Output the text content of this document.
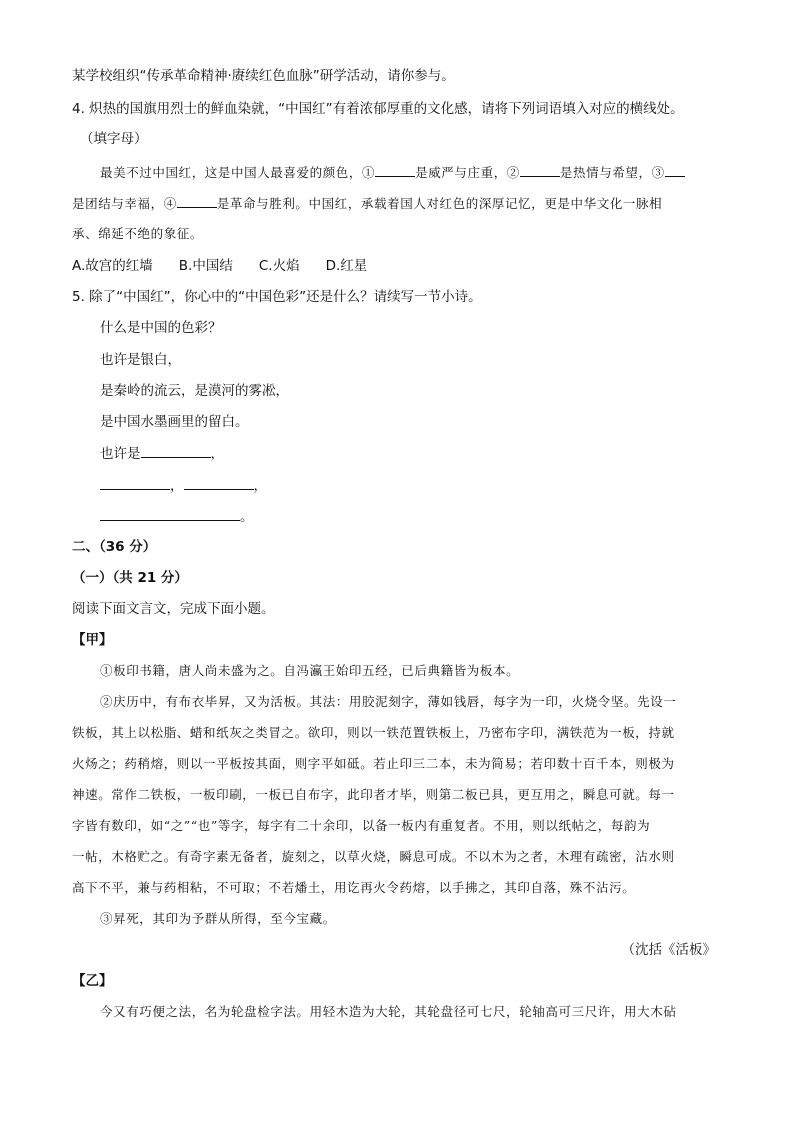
某学校组织“传承革命精神·赓续红色血脉”研学活动，请你参与。
4. 炽热的国旗用烈士的鲜血染就，“中国红”有着浓郁厚重的文化感，请将下列词语填入对应的横线处。
（填字母）
最美不过中国红，这是中国人最喜爱的颜色，①	是威严与庄重，②	是热情与希望，③
是团结与幸福，④	是革命与胜利。中国红，承载着国人对红色的深厚记忆，更是中华文化一脉相
承、绵延不绝的象征。
A.故宫的红墙 B.中国结 C.火焰 D.红星
5. 除了“中国红”，你心中的“中国色彩”还是什么？请续写一节小诗。
什么是中国的色彩？
也许是银白，
是秦岭的流云，是漠河的雾凇，
是中国水墨画里的留白。
也许是	，
，	，
。
二、（36 分）
（一）（共 21 分）
阅读下面文言文，完成下面小题。
【甲】
①板印书籍，唐人尚未盛为之。自冯瀛王始印五经，已后典籍皆为板本。
②庆历中，有布衣毕昇，又为活板。其法：用胶泥刻字，薄如钱唇，每字为一印，火烧令坚。先设一
铁板，其上以松脂、蜡和纸灰之类冒之。欲印，则以一铁范置铁板上，乃密布字印，满铁范为一板，持就
火炀之；药稍熔，则以一平板按其面，则字平如砥。若止印三二本，未为简易；若印数十百千本，则极为
神速。常作二铁板，一板印刷，一板已自布字，此印者才毕，则第二板已具，更互用之，瞬息可就。每一
字皆有数印，如“之”“也”等字，每字有二十余印，以备一板内有重复者。不用，则以纸帖之，每韵为
一帖，木格贮之。有奇字素无备者，旋刻之，以草火烧，瞬息可成。不以木为之者，木理有疏密，沾水则
高下不平，兼与药相粘，不可取；不若燔土，用讫再火令药熔，以手拂之，其印自落，殊不沾污。
③昇死，其印为予群从所得，至今宝藏。
（沈括《活板》
【乙】
今又有巧便之法，名为轮盘检字法。用轻木造为大轮，其轮盘径可七尺，轮轴高可三尺许，用大木砧
